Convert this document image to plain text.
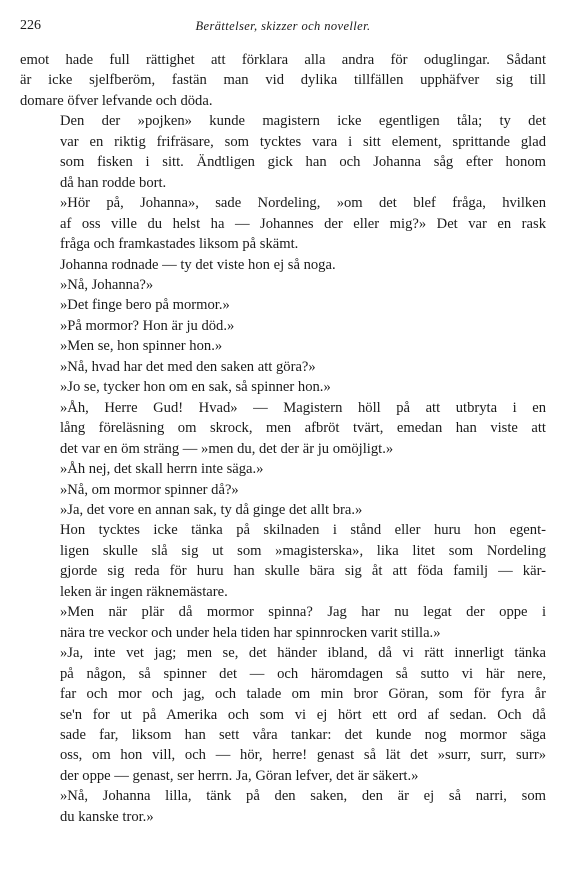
226	Berättelser, skizzer och noveller.

emot hade full rättighet att förklara alla andra för oduglingar. Sådant
är icke sjelfberöm, fastän man vid dylika tillfällen upphäfver sig till
domare öfver lefvande och döda.

Den der »pojken» kunde magistern icke egentligen tåla; ty det
var en riktig frifräsare, som tycktes vara i sitt element, sprittande glad
som fisken i sitt. Ändtligen gick han och Johanna såg efter honom
då han rodde bort.

»Hör på, Johanna», sade Nordeling, »om det blef fråga, hvilken
af oss ville du helst ha — Johannes der eller mig?» Det var en rask
fråga och framkastades liksom på skämt.

Johanna rodnade — ty det viste hon ej så noga.

»Nå, Johanna?»

»Det finge bero på mormor.»

»På mormor? Hon är ju död.»

»Men se, hon spinner hon.»

»Nå, hvad har det med den saken att göra?»

»Jo se, tycker hon om en sak, så spinner hon.»

»Åh, Herre Gud! Hvad» — Magistern höll på att utbryta i en
lång föreläsning om skrock, men afbröt tvärt, emedan han viste att
det var en öm sträng — »men du, det der är ju omöjligt.»

»Åh nej, det skall herrn inte säga.»

»Nå, om mormor spinner då?»

»Ja, det vore en annan sak, ty då ginge det allt bra.»

Hon tycktes icke tänka på skilnaden i stånd eller huru hon egent-
ligen skulle slå sig ut som »magisterska», lika litet som Nordeling
gjorde sig reda för huru han skulle bära sig åt att föda familj — kär-
leken är ingen räknemästare.

»Men när plär då mormor spinna? Jag har nu legat der oppe i
nära tre veckor och under hela tiden har spinnrocken varit stilla.»

»Ja, inte vet jag; men se, det händer ibland, då vi rätt innerligt tänka
på någon, så spinner det — och häromdagen så sutto vi här nere,
far och mor och jag, och talade om min bror Göran, som för fyra år
se'n for ut på Amerika och som vi ej hört ett ord af sedan. Och då
sade far, liksom han sett våra tankar: det kunde nog mormor säga
oss, om hon vill, och — hör, herre! genast så lät det »surr, surr, surr»
der oppe — genast, ser herrn. Ja, Göran lefver, det är säkert.»

»Nå, Johanna lilla, tänk på den saken, den är ej så narri, som
du kanske tror.»
